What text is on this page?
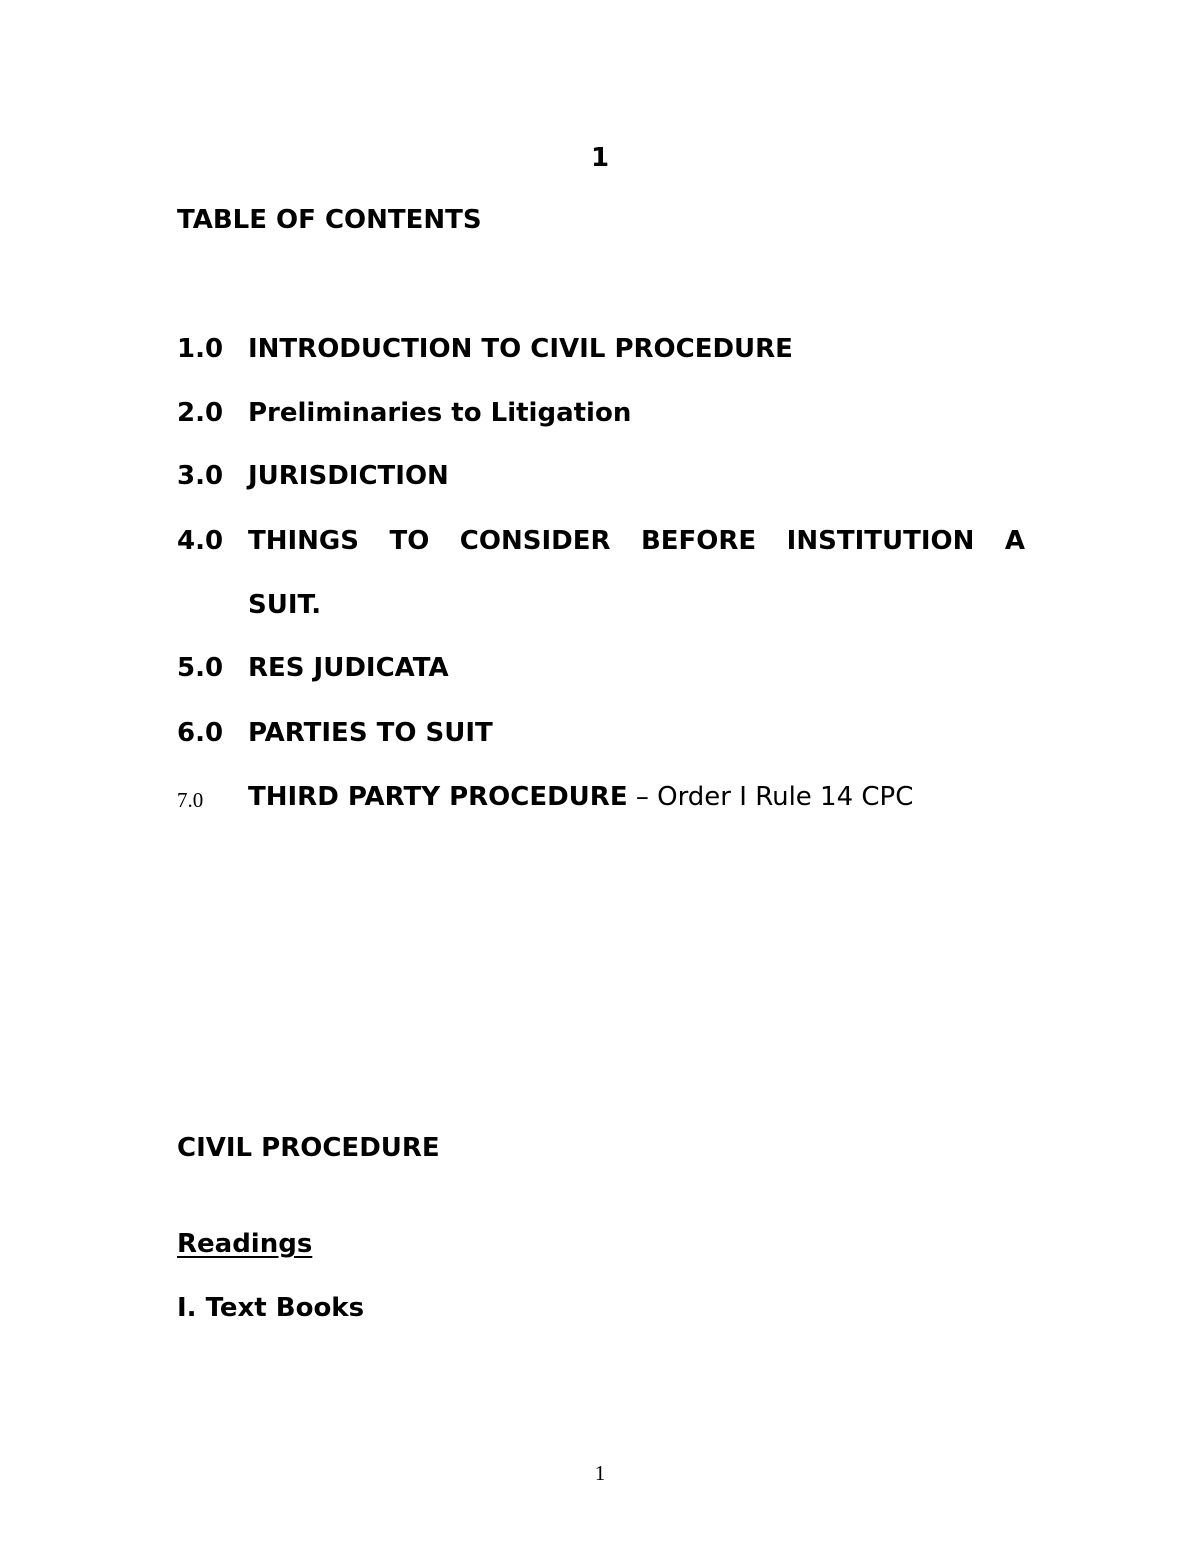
1
TABLE OF CONTENTS
1.0 INTRODUCTION TO CIVIL PROCEDURE
2.0 Preliminaries to Litigation
3.0 JURISDICTION
4.0 THINGS TO CONSIDER BEFORE INSTITUTION A
SUIT.
5.0 RES JUDICATA
6.0 PARTIES TO SUIT
7.0 THIRD PARTY PROCEDURE – Order I Rule 14 CPC
CIVIL PROCEDURE
Readings
I. Text Books
1
